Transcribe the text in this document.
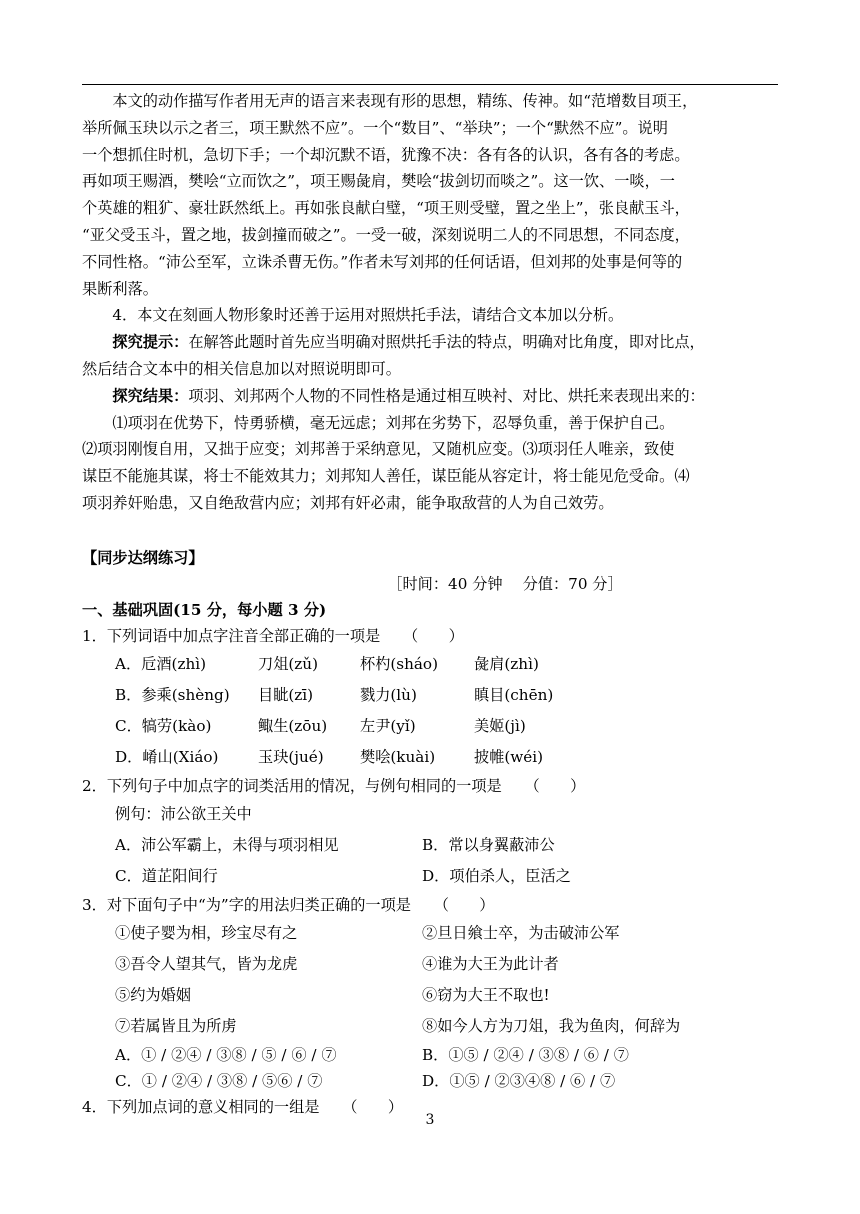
本文的动作描写作者用无声的语言来表现有形的思想，精练、传神。如“范增数目项王，

举所佩玉玦以示之者三，项王默然不应”。一个“数目”、“举玦”；一个“默然不应”。说明

一个想抓住时机，急切下手；一个却沉默不语，犹豫不决：各有各的认识，各有各的考虑。

再如项王赐酒，樊哙“立而饮之”，项王赐彘肩，樊哙“拔剑切而啖之”。这一饮、一啖，一

个英雄的粗犷、豪壮跃然纸上。再如张良献白璧，“项王则受璧，置之坐上”，张良献玉斗，

“亚父受玉斗，置之地，拔剑撞而破之”。一受一破，深刻说明二人的不同思想，不同态度，

不同性格。“沛公至军，立诛杀曹无伤。”作者未写刘邦的任何话语，但刘邦的处事是何等的

果断利落。

4．本文在刻画人物形象时还善于运用对照烘托手法，请结合文本加以分析。

探究提示：在解答此题时首先应当明确对照烘托手法的特点，明确对比角度，即对比点，

然后结合文本中的相关信息加以对照说明即可。

探究结果：项羽、刘邦两个人物的不同性格是通过相互映衬、对比、烘托来表现出来的：

⑴项羽在优势下，恃勇骄横，毫无远虑；刘邦在劣势下，忍辱负重，善于保护自己。

⑵项羽刚愎自用，又拙于应变；刘邦善于采纳意见，又随机应变。⑶项羽任人唯亲，致使

谋臣不能施其谋，将士不能效其力；刘邦知人善任，谋臣能从容定计，将士能见危受命。⑷

项羽养奸贻患，又自绝敌营内应；刘邦有奸必肃，能争取敌营的人为自己效劳。

【同步达纲练习】

［时间：40 分钟　 分值：70 分］

一、基础巩固(15 分，每小题 3 分)

1．下列词语中加点字注音全部正确的一项是　　（　　）

A．卮酒(zhì)	刀俎(zǔ)	杯杓(sháo)	彘肩(zhì)
B．参乘(shèng)	目眦(zī)	戮力(lù)	瞋目(chēn)
C．犒劳(kào)	鲰生(zōu)	左尹(yǐ)	美姬(jì)
D．崤山(Xiáo)	玉玦(jué)	樊哙(kuài)	披帷(wéi)

2．下列句子中加点字的词类活用的情况，与例句相同的一项是　　（　　）

例句：沛公欲王关中
A．沛公军霸上，未得与项羽相见	B．常以身翼蔽沛公
C．道芷阳间行	D．项伯杀人，臣活之

3．对下面句子中“为”字的用法归类正确的一项是　　（　　）

①使子婴为相，珍宝尽有之	②旦日飨士卒，为击破沛公军
③吾令人望其气，皆为龙虎	④谁为大王为此计者
⑤约为婚姻	⑥窃为大王不取也!
⑦若属皆且为所虏	⑧如今人方为刀俎，我为鱼肉，何辞为
A．① / ②④ / ③⑧ / ⑤ / ⑥ / ⑦	B．①⑤ / ②④ / ③⑧ / ⑥ / ⑦
C．① / ②④ / ③⑧ / ⑤⑥ / ⑦	D．①⑤ / ②③④⑧ / ⑥ / ⑦

4．下列加点词的意义相同的一组是　　（　　）

3
